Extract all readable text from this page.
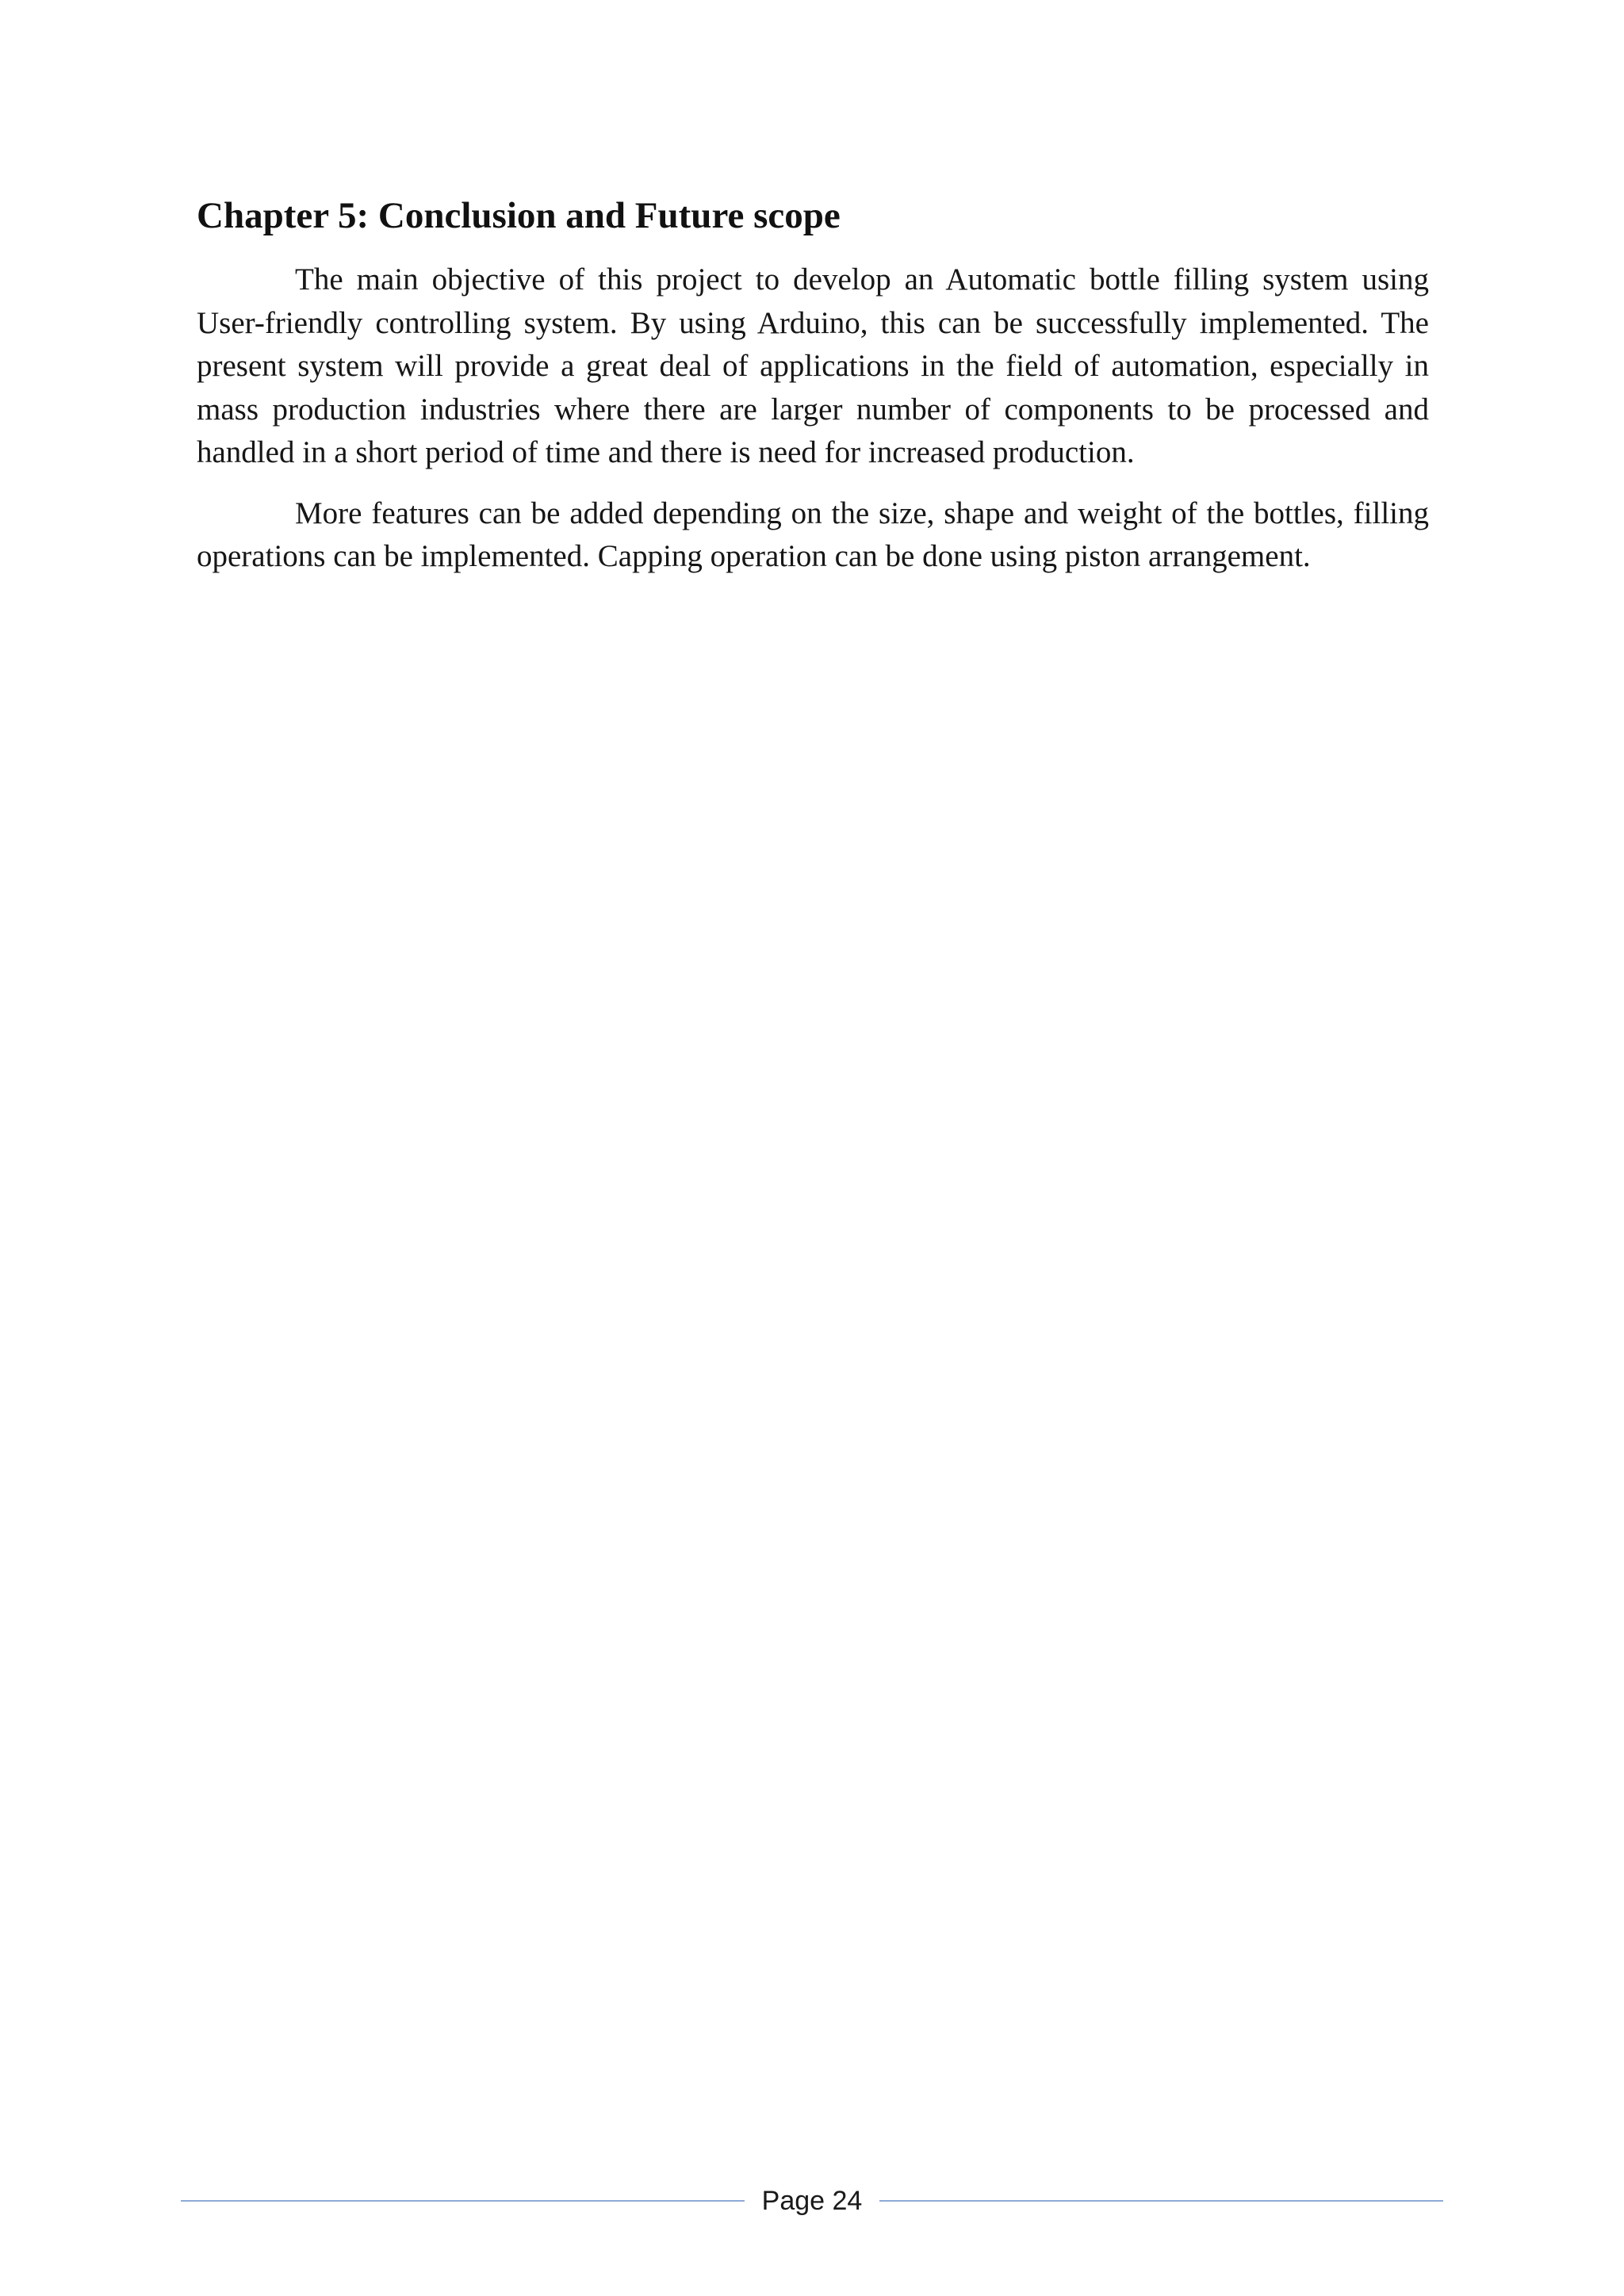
Chapter 5: Conclusion and Future scope

The main objective of this project to develop an Automatic bottle filling system using User-friendly controlling system. By using Arduino, this can be successfully implemented. The present system will provide a great deal of applications in the field of automation, especially in mass production industries where there are larger number of components to be processed and handled in a short period of time and there is need for increased production.

More features can be added depending on the size, shape and weight of the bottles, filling operations can be implemented. Capping operation can be done using piston arrangement.

Page 24
